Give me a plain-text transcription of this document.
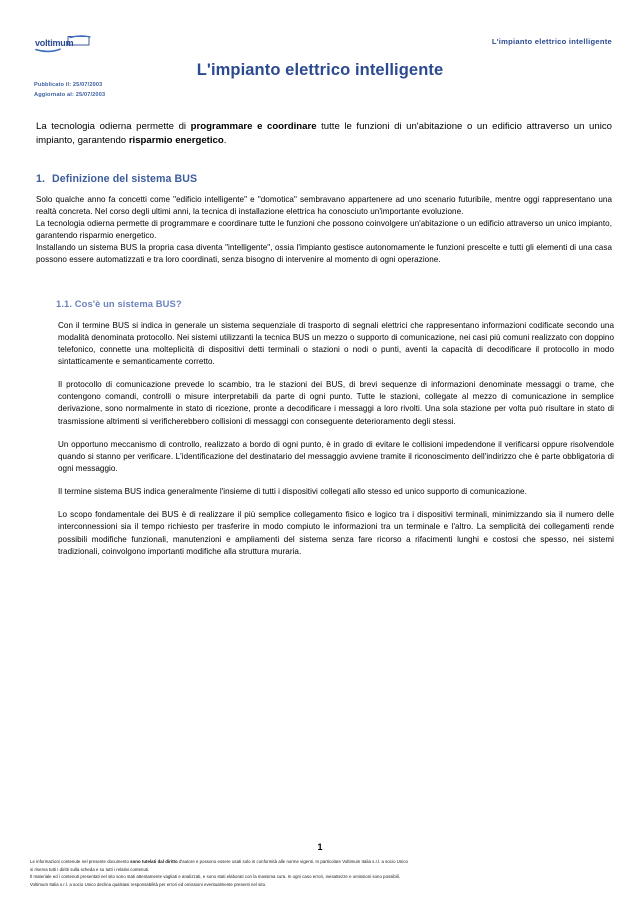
voltimum	L'impianto elettrico intelligente
L'impianto elettrico intelligente
Pubblicato il: 25/07/2003
Aggiornato al: 25/07/2003

La tecnologia odierna permette di programmare e coordinare tutte le funzioni di un'abitazione o un edificio attraverso un unico impianto, garantendo risparmio energetico.

1. Definizione del sistema BUS

Solo qualche anno fa concetti come "edificio intelligente" e "domotica" sembravano appartenere ad uno scenario futuribile, mentre oggi rappresentano una realtà concreta. Nel corso degli ultimi anni, la tecnica di installazione elettrica ha conosciuto un'importante evoluzione.

La tecnologia odierna permette di programmare e coordinare tutte le funzioni che possono coinvolgere un'abitazione o un edificio attraverso un unico impianto, garantendo risparmio energetico.

Installando un sistema BUS la propria casa diventa "intelligente", ossia l'impianto gestisce autonomamente le funzioni prescelte e tutti gli elementi di una casa possono essere automatizzati e tra loro coordinati, senza bisogno di intervenire al momento di ogni operazione.

1.1. Cos'è un sistema BUS?

Con il termine BUS si indica in generale un sistema sequenziale di trasporto di segnali elettrici che rappresentano informazioni codificate secondo una modalità denominata protocollo. Nei sistemi utilizzanti la tecnica BUS un mezzo o supporto di comunicazione, nei casi più comuni realizzato con doppino telefonico, connette una molteplicità di dispositivi detti terminali o stazioni o nodi o punti, aventi la capacità di decodificare il protocollo in modo sintatticamente e semanticamente corretto.

Il protocollo di comunicazione prevede lo scambio, tra le stazioni dei BUS, di brevi sequenze di informazioni denominate messaggi o trame, che contengono comandi, controlli o misure interpretabili da parte di ogni punto. Tutte le stazioni, collegate al mezzo di comunicazione in semplice derivazione, sono normalmente in stato di ricezione, pronte a decodificare i messaggi a loro rivolti. Una sola stazione per volta può risultare in stato di trasmissione altrimenti si verificherebbero collisioni di messaggi con conseguente deterioramento degli stessi.

Un opportuno meccanismo di controllo, realizzato a bordo di ogni punto, è in grado di evitare le collisioni impedendone il verificarsi oppure risolvendole quando si stanno per verificare. L'identificazione del destinatario del messaggio avviene tramite il riconoscimento dell'indirizzo che è parte obbligatoria di ogni messaggio.

Il termine sistema BUS indica generalmente l'insieme di tutti i dispositivi collegati allo stesso ed unico supporto di comunicazione.

Lo scopo fondamentale dei BUS è di realizzare il più semplice collegamento fisico e logico tra i dispositivi terminali, minimizzando sia il numero delle interconnessioni sia il tempo richiesto per trasferire in modo compiuto le informazioni tra un terminale e l'altro. La semplicità dei collegamenti rende possibili modifiche funzionali, manutenzioni e ampliamenti del sistema senza fare ricorso a rifacimenti lunghi e costosi che spesso, nei sistemi tradizionali, coinvolgono importanti modifiche alla struttura muraria.

1

Le informazioni contenute nel presente documento sono tutelati dal diritto d'autore e possono essere usati solo in conformità alle norme vigenti. In particolare Voltimum Italia s.r.l. a socio Unico

si riserva tutti i diritti sulla scheda e su tutti i relativi contenuti.

Il materiale ed i contenuti presentati nel sito sono stati attentamente vagliati e analizzati, e sono stati elaborati con la massima cura. In ogni caso errori, inesattezze e omissioni sono possibili.

Voltimum Italia s.r.l. a socio Unico declina qualsiasi responsabilità per errori ed omissioni eventualmente presenti nel sito.
